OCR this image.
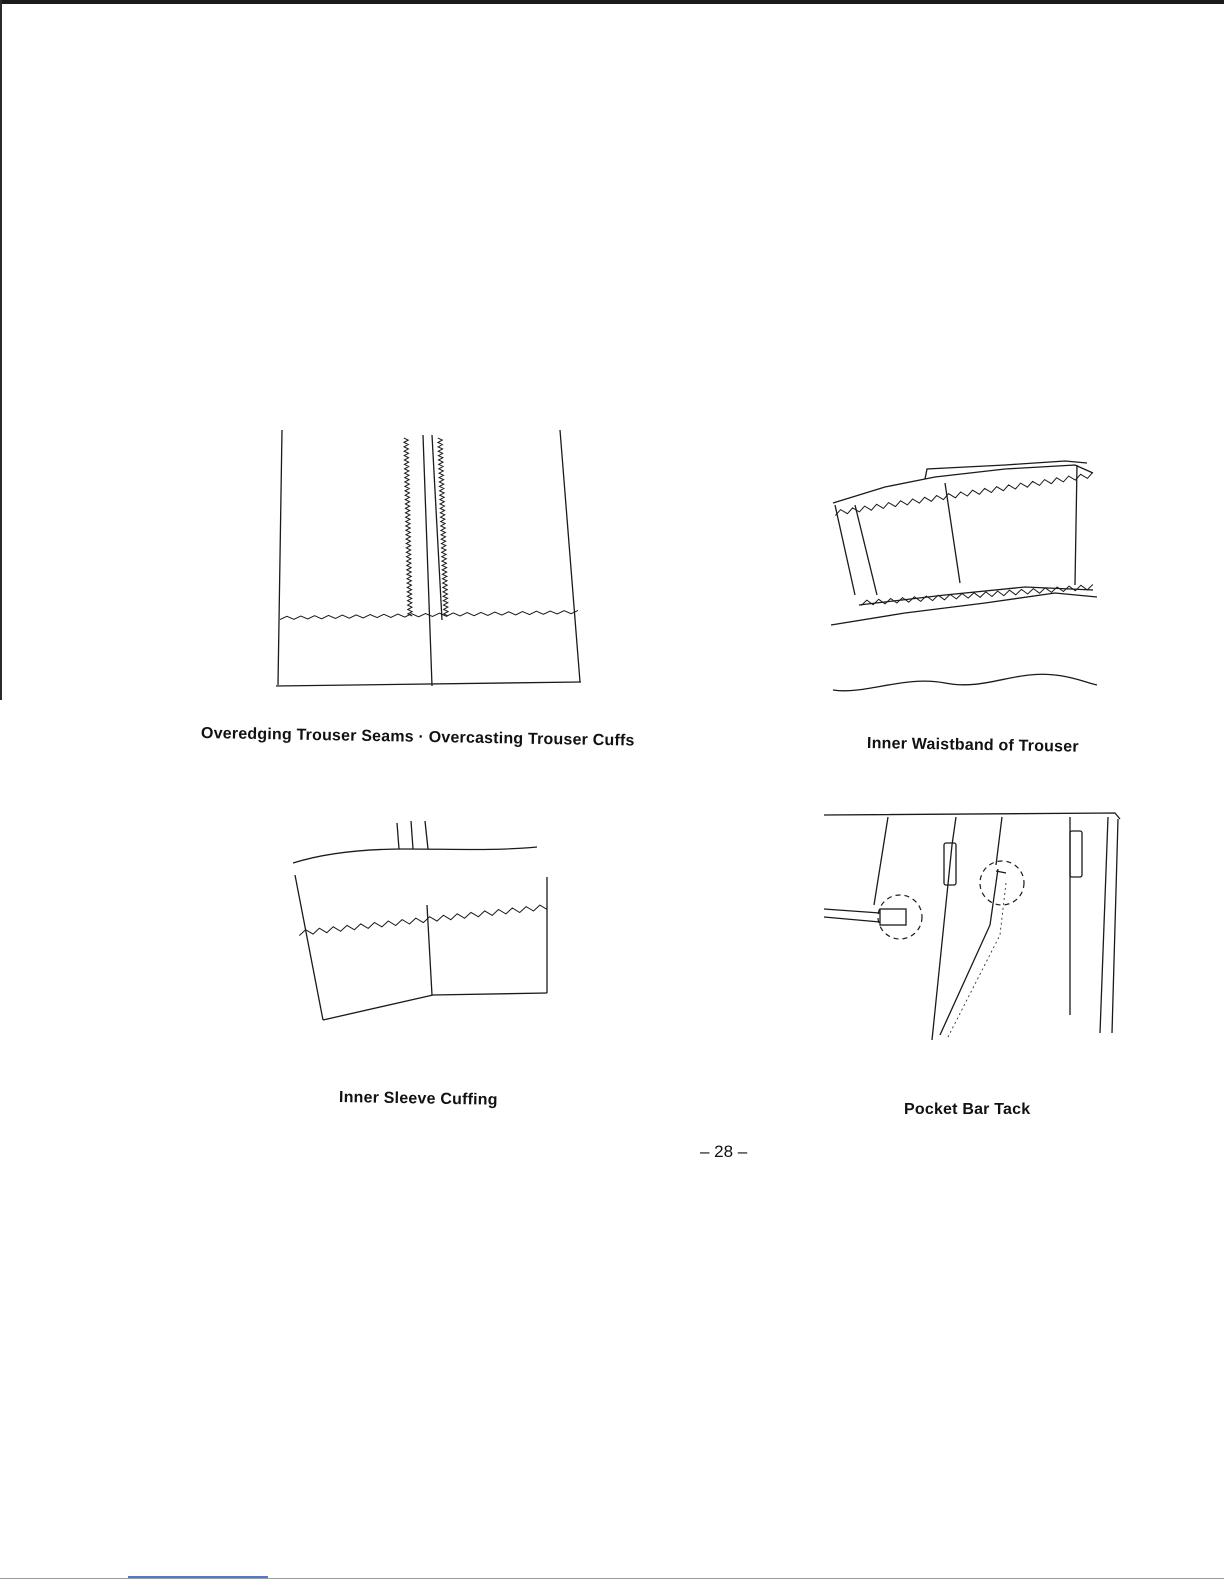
Overedging Trouser Seams · Overcasting Trouser Cuffs	Inner Waistband of Trouser
Inner Sleeve Cuffing
Pocket Bar Tack
– 28 –
